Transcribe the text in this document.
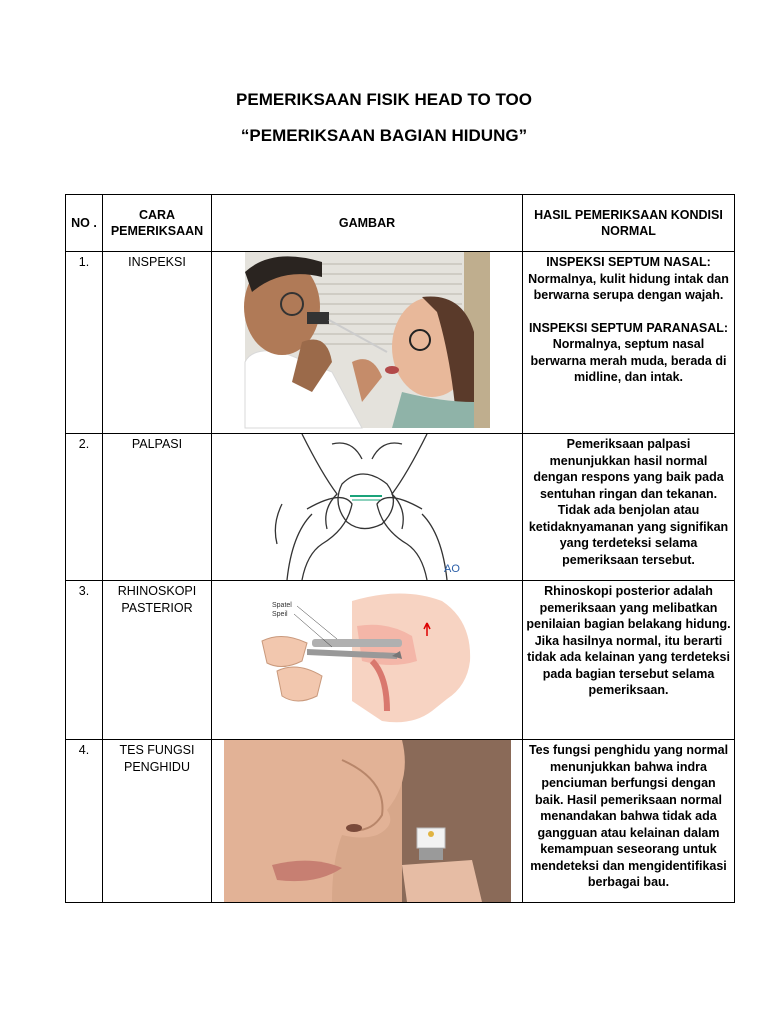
PEMERIKSAAN FISIK HEAD TO TOO
“PEMERIKSAAN BAGIAN HIDUNG”
NO .	CARA PEMERIKSAAN	GAMBAR	HASIL PEMERIKSAAN KONDISI NORMAL
1.	INSPEKSI		INSPEKSI SEPTUM NASAL: Normalnya, kulit hidung intak dan berwarna serupa dengan wajah.

INSPEKSI SEPTUM PARANASAL: Normalnya, septum nasal berwarna merah muda, berada di midline, dan intak.

2.	PALPASI	AO	Pemeriksaan palpasi menunjukkan hasil normal dengan respons yang baik pada sentuhan ringan dan tekanan. Tidak ada benjolan atau ketidaknyamanan yang signifikan yang terdeteksi selama pemeriksaan tersebut.

3.	RHINOSKOPI PASTERIOR	Spatel
Speil	Rhinoskopi posterior adalah pemeriksaan yang melibatkan penilaian bagian belakang hidung. Jika hasilnya normal, itu berarti tidak ada kelainan yang terdeteksi pada bagian tersebut selama pemeriksaan.

4.	TES FUNGSI PENGHIDU		Tes fungsi penghidu yang normal menunjukkan bahwa indra penciuman berfungsi dengan baik. Hasil pemeriksaan normal menandakan bahwa tidak ada gangguan atau kelainan dalam kemampuan seseorang untuk mendeteksi dan mengidentifikasi berbagai bau.
